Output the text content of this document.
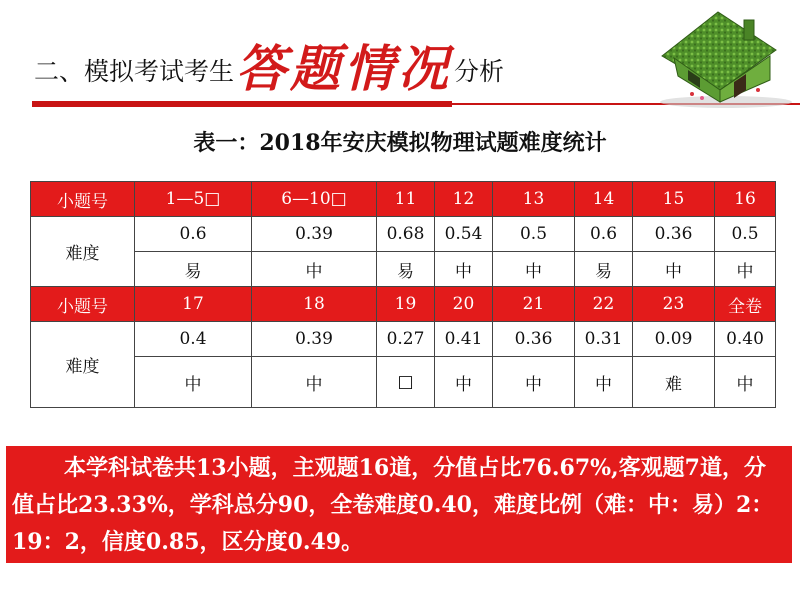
二、模拟考试考生 答题情况 分析
表一：2018年安庆模拟物理试题难度统计
小题号	1—5□	6—10□	11	12	13	14	15	16
难度	0.6	0.39	0.68	0.54	0.5	0.6	0.36	0.5
	易	中	易	中	中	易	中	中
小题号	17	18	19	20	21	22	23	全卷
难度	0.4	0.39	0.27	0.41	0.36	0.31	0.09	0.40
	中	中	□	中	中	中	难	中
本学科试卷共13小题，主观题16道，分值占比76.67%,客观题7道，分值占比23.33%，学科总分90，全卷难度0.40，难度比例（难：中：易）2：19：2，信度0.85，区分度0.49。
